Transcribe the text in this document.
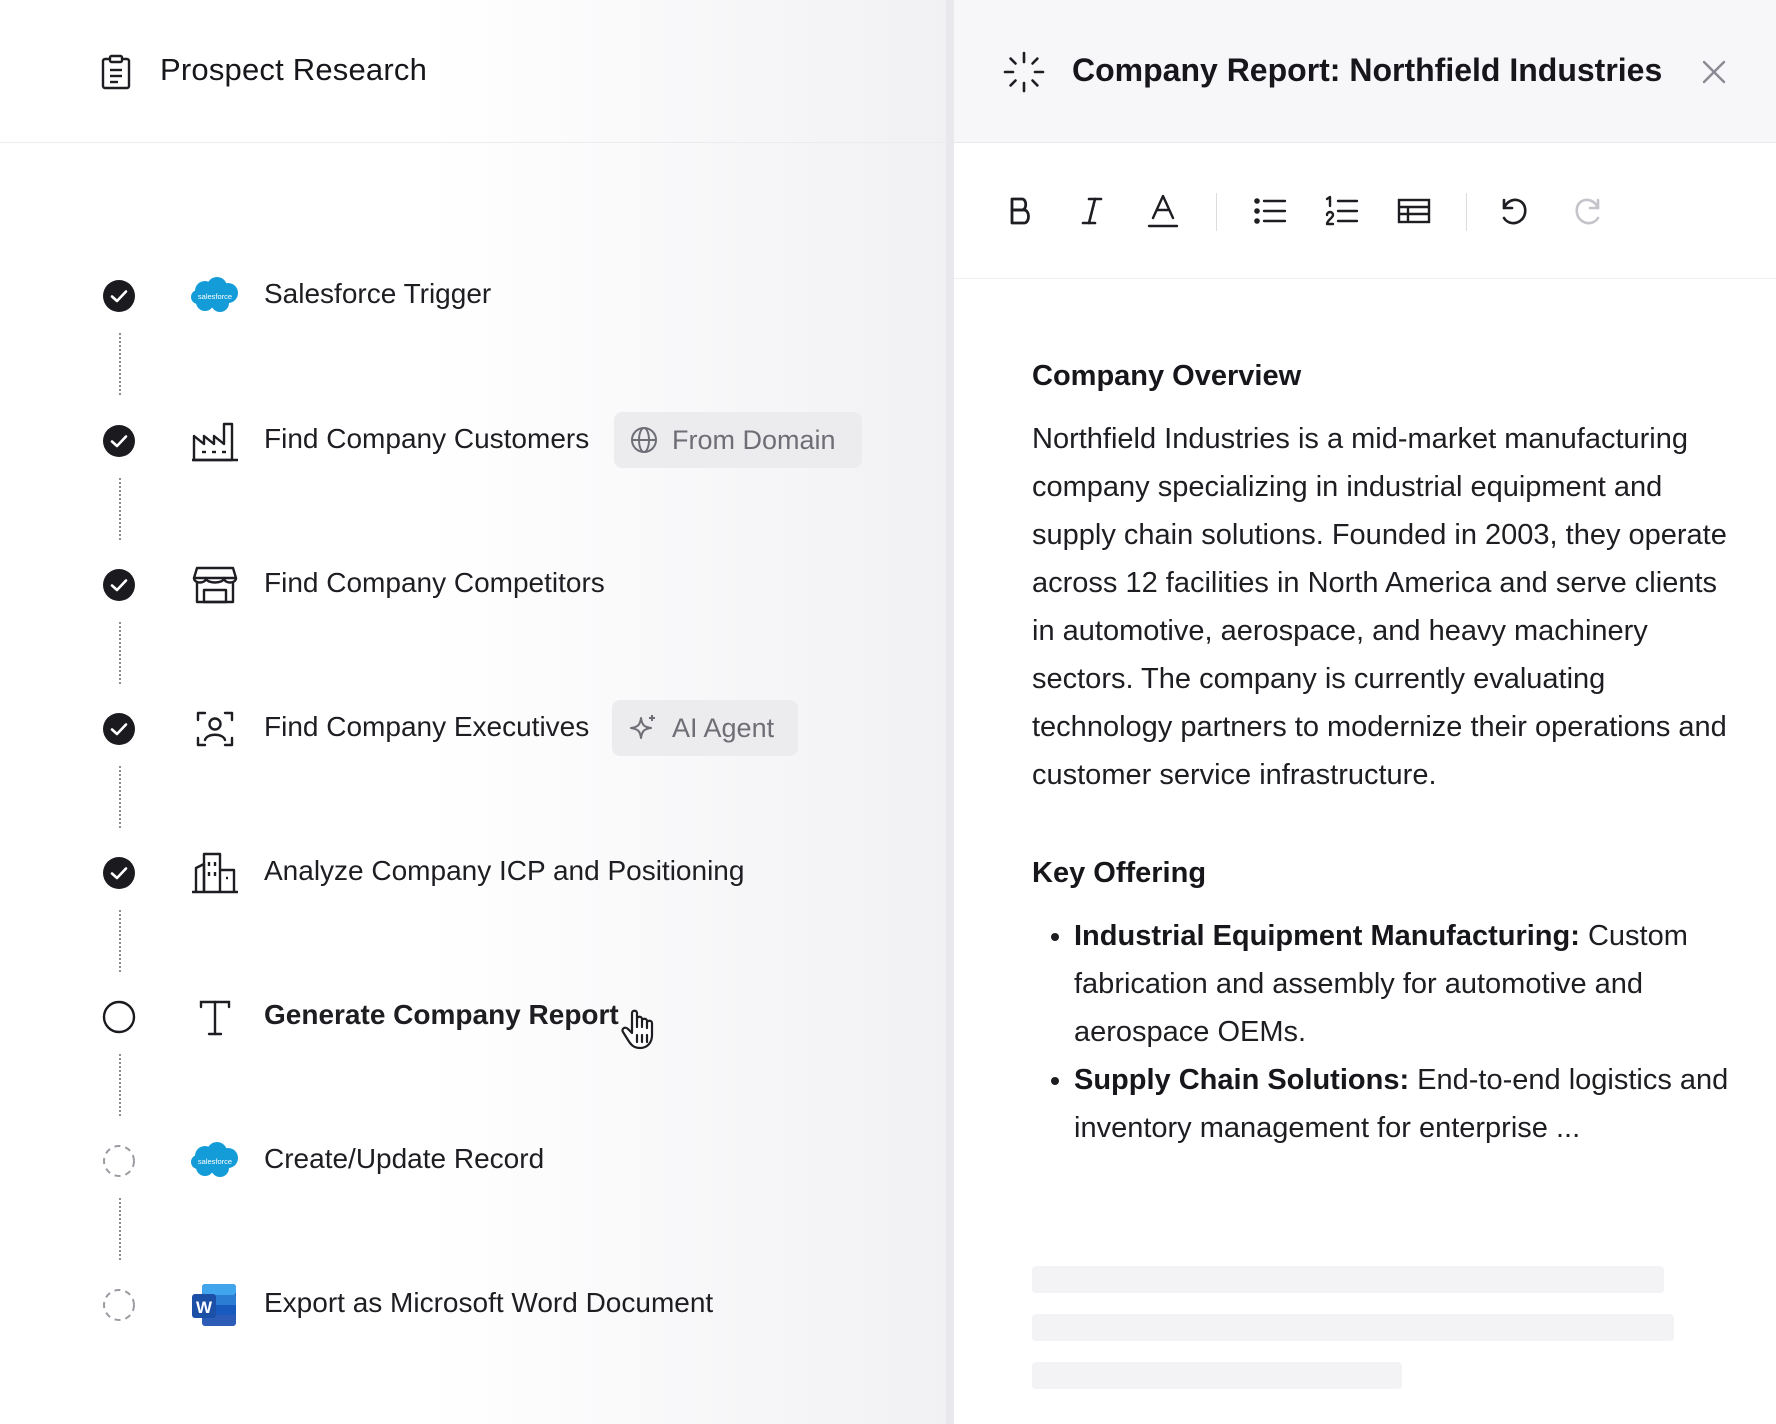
Prospect Research
salesforce Salesforce Trigger
Find Company Customers	From Domain
Find Company Competitors
Find Company Executives	AI Agent
Analyze Company ICP and Positioning
Generate Company Report
salesforce Create/Update Record
W Export as Microsoft Word Document
Company Report: Northfield Industries
Company Overview

Northfield Industries is a mid-market manufacturing company specializing in industrial equipment and supply chain solutions. Founded in 2003, they operate across 12 facilities in North America and serve clients in automotive, aerospace, and heavy machinery sectors. The company is currently evaluating technology partners to modernize their operations and customer service infrastructure.

Key Offering
• Industrial Equipment Manufacturing: Custom fabrication and assembly for automotive and aerospace OEMs.
• Supply Chain Solutions: End-to-end logistics and inventory management for enterprise ...
